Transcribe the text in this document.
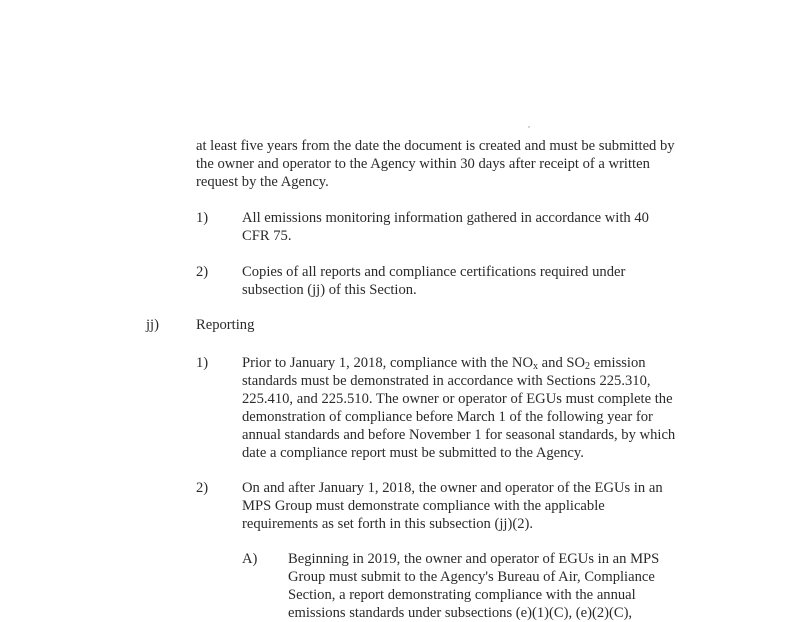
at least five years from the date the document is created and must be submitted by
the owner and operator to the Agency within 30 days after receipt of a written
request by the Agency.
1) All emissions monitoring information gathered in accordance with 40
CFR 75.
2) Copies of all reports and compliance certifications required under
subsection (jj) of this Section.
jj)	Reporting
1) Prior to January 1, 2018, compliance with the $NO_x$ and $SO_2$ emission
standards must be demonstrated in accordance with Sections 225.310,
225.410, and 225.510. The owner or operator of EGUs must complete the
demonstration of compliance before March 1 of the following year for
annual standards and before November 1 for seasonal standards, by which
date a compliance report must be submitted to the Agency.
2) On and after January 1, 2018, the owner and operator of the EGUs in an
MPS Group must demonstrate compliance with the applicable
requirements as set forth in this subsection (jj)(2).
A) Beginning in 2019, the owner and operator of EGUs in an MPS
Group must submit to the Agency's Bureau of Air, Compliance
Section, a report demonstrating compliance with the annual
emissions standards under subsections (e)(1)(C), (e)(2)(C),
